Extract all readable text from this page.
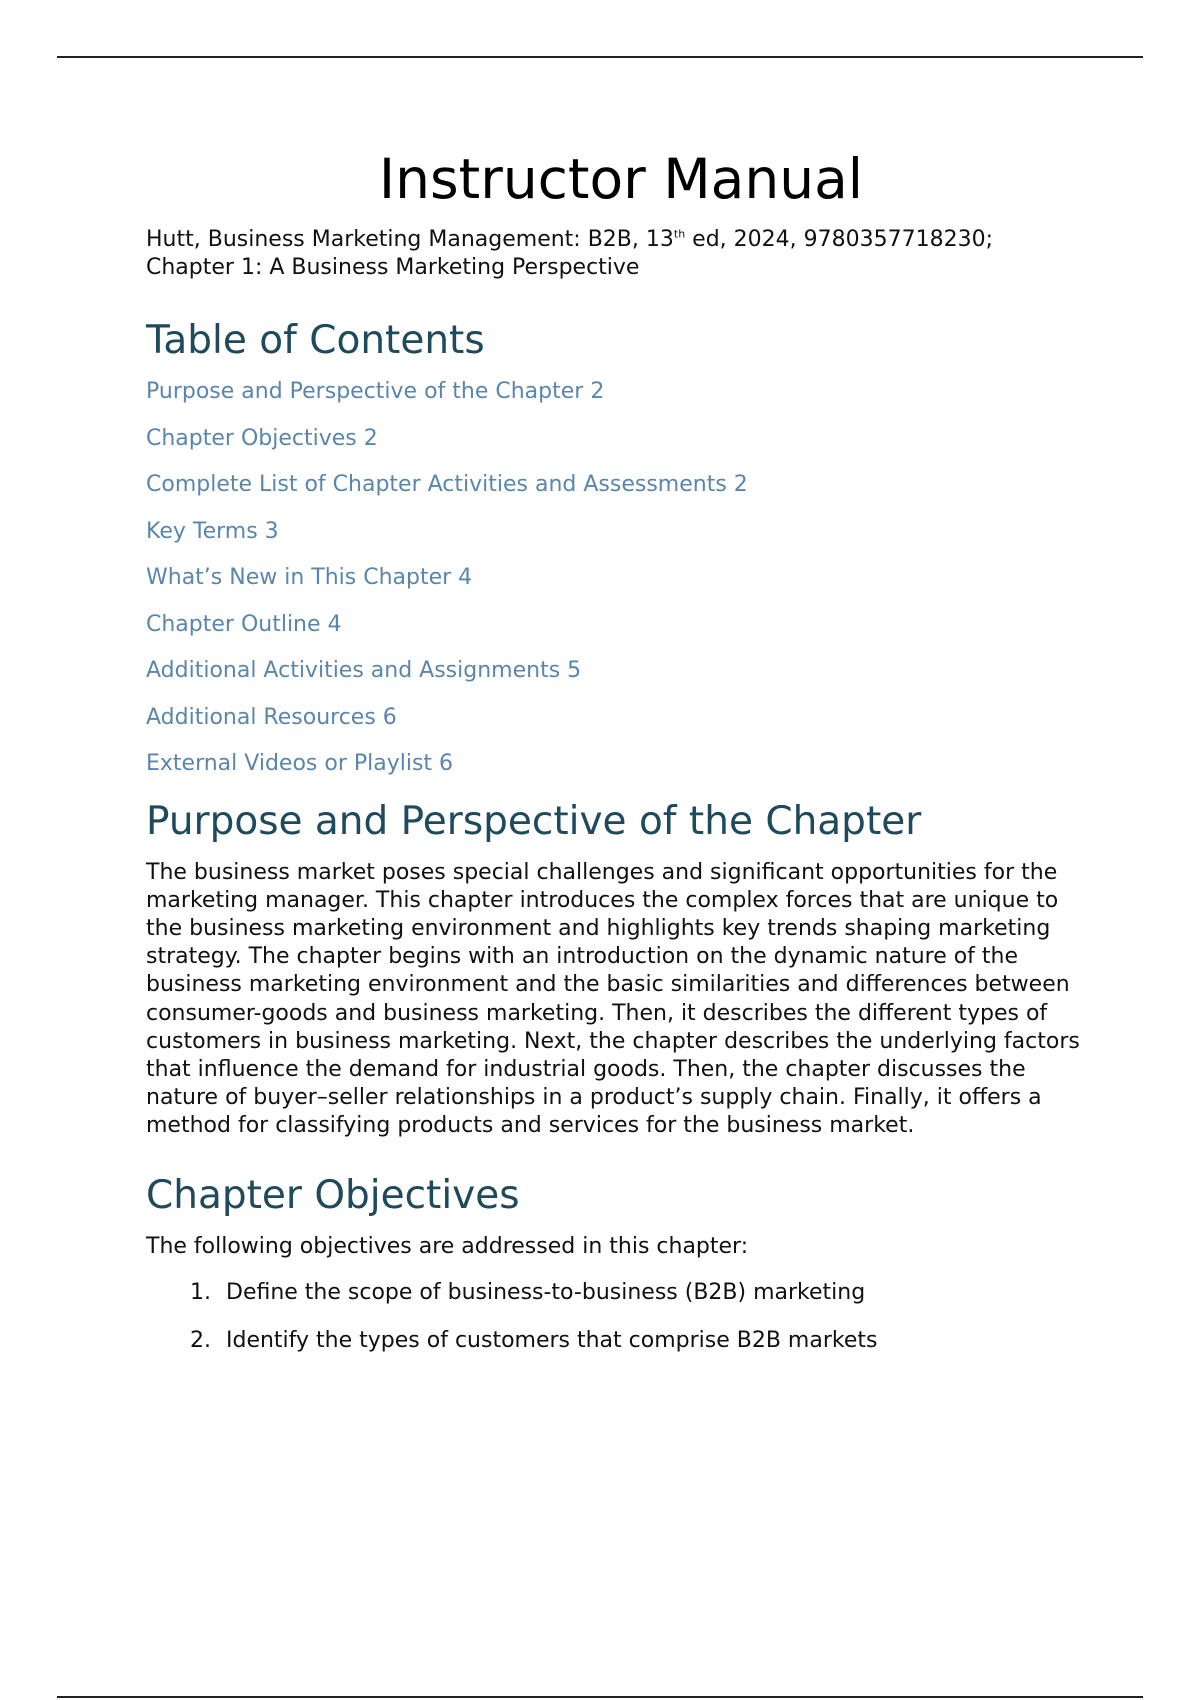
Instructor Manual
Hutt, Business Marketing Management: B2B, 13th ed, 2024, 9780357718230;
Chapter 1: A Business Marketing Perspective
Table of Contents
Purpose and Perspective of the Chapter 2
Chapter Objectives 2
Complete List of Chapter Activities and Assessments 2
Key Terms 3
What’s New in This Chapter 4
Chapter Outline 4
Additional Activities and Assignments 5
Additional Resources 6
External Videos or Playlist 6
Purpose and Perspective of the Chapter

The business market poses special challenges and significant opportunities for the marketing manager. This chapter introduces the complex forces that are unique to the business marketing environment and highlights key trends shaping marketing strategy. The chapter begins with an introduction on the dynamic nature of the business marketing environment and the basic similarities and differences between consumer-goods and business marketing. Then, it describes the different types of customers in business marketing. Next, the chapter describes the underlying factors that influence the demand for industrial goods. Then, the chapter discusses the nature of buyer–seller relationships in a product’s supply chain. Finally, it offers a method for classifying products and services for the business market.

Chapter Objectives

The following objectives are addressed in this chapter:

1. Define the scope of business-to-business (B2B) marketing
2. Identify the types of customers that comprise B2B markets
